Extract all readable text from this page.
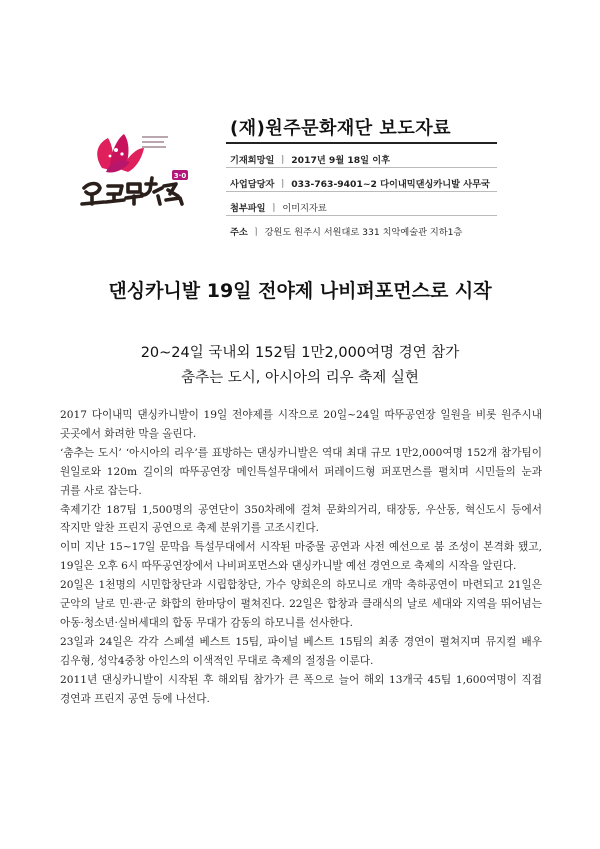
3·0
(재)원주문화재단 보도자료
기재희망일 ㅣ 2017년 9월 18일 이후
사업담당자 ㅣ 033-763-9401~2 다이내믹댄싱카니발 사무국
첨부파일 ㅣ 이미지자료
주소 ㅣ 강원도 원주시 서원대로 331 치악예술관 지하1층
댄싱카니발 19일 전야제 나비퍼포먼스로 시작
20~24일 국내외 152팀 1만2,000여명 경연 참가
춤추는 도시, 아시아의 리우 축제 실현

2017 다이내믹 댄싱카니발이 19일 전야제를 시작으로 20일~24일 따뚜공연장 일원을 비롯 원주시내 곳곳에서 화려한 막을 올린다.

‘춤추는 도시’ ‘아시아의 리우’를 표방하는 댄싱카니발은 역대 최대 규모 1만2,000여명 152개 참가팀이 원일로와 120m 길이의 따뚜공연장 메인특설무대에서 퍼레이드형 퍼포먼스를 펼치며 시민들의 눈과 귀를 사로 잡는다.

축제기간 187팀 1,500명의 공연단이 350차례에 걸쳐 문화의거리, 태장동, 우산동, 혁신도시 등에서 작지만 알찬 프린지 공연으로 축제 분위기를 고조시킨다.

이미 지난 15~17일 문막읍 특설무대에서 시작된 마중물 공연과 사전 예선으로 붐 조성이 본격화 됐고, 19일은 오후 6시 따뚜공연장에서 나비퍼포먼스와 댄싱카니발 예선 경연으로 축제의 시작을 알린다.

20일은 1천명의 시민합창단과 시립합창단, 가수 양희은의 하모니로 개막 축하공연이 마련되고 21일은 군악의 날로 민·관·군 화합의 한마당이 펼쳐진다. 22일은 합창과 클래식의 날로 세대와 지역을 뛰어넘는 아동·청소년·실버세대의 합동 무대가 감동의 하모니를 선사한다.

23일과 24일은 각각 스페셜 베스트 15팀, 파이널 베스트 15팀의 최종 경연이 펼쳐지며 뮤지컬 배우 김우형, 성악4중창 아인스의 이색적인 무대로 축제의 절정을 이룬다.

2011년 댄싱카니발이 시작된 후 해외팀 참가가 큰 폭으로 늘어 해외 13개국 45팀 1,600여명이 직접 경연과 프린지 공연 등에 나선다.
